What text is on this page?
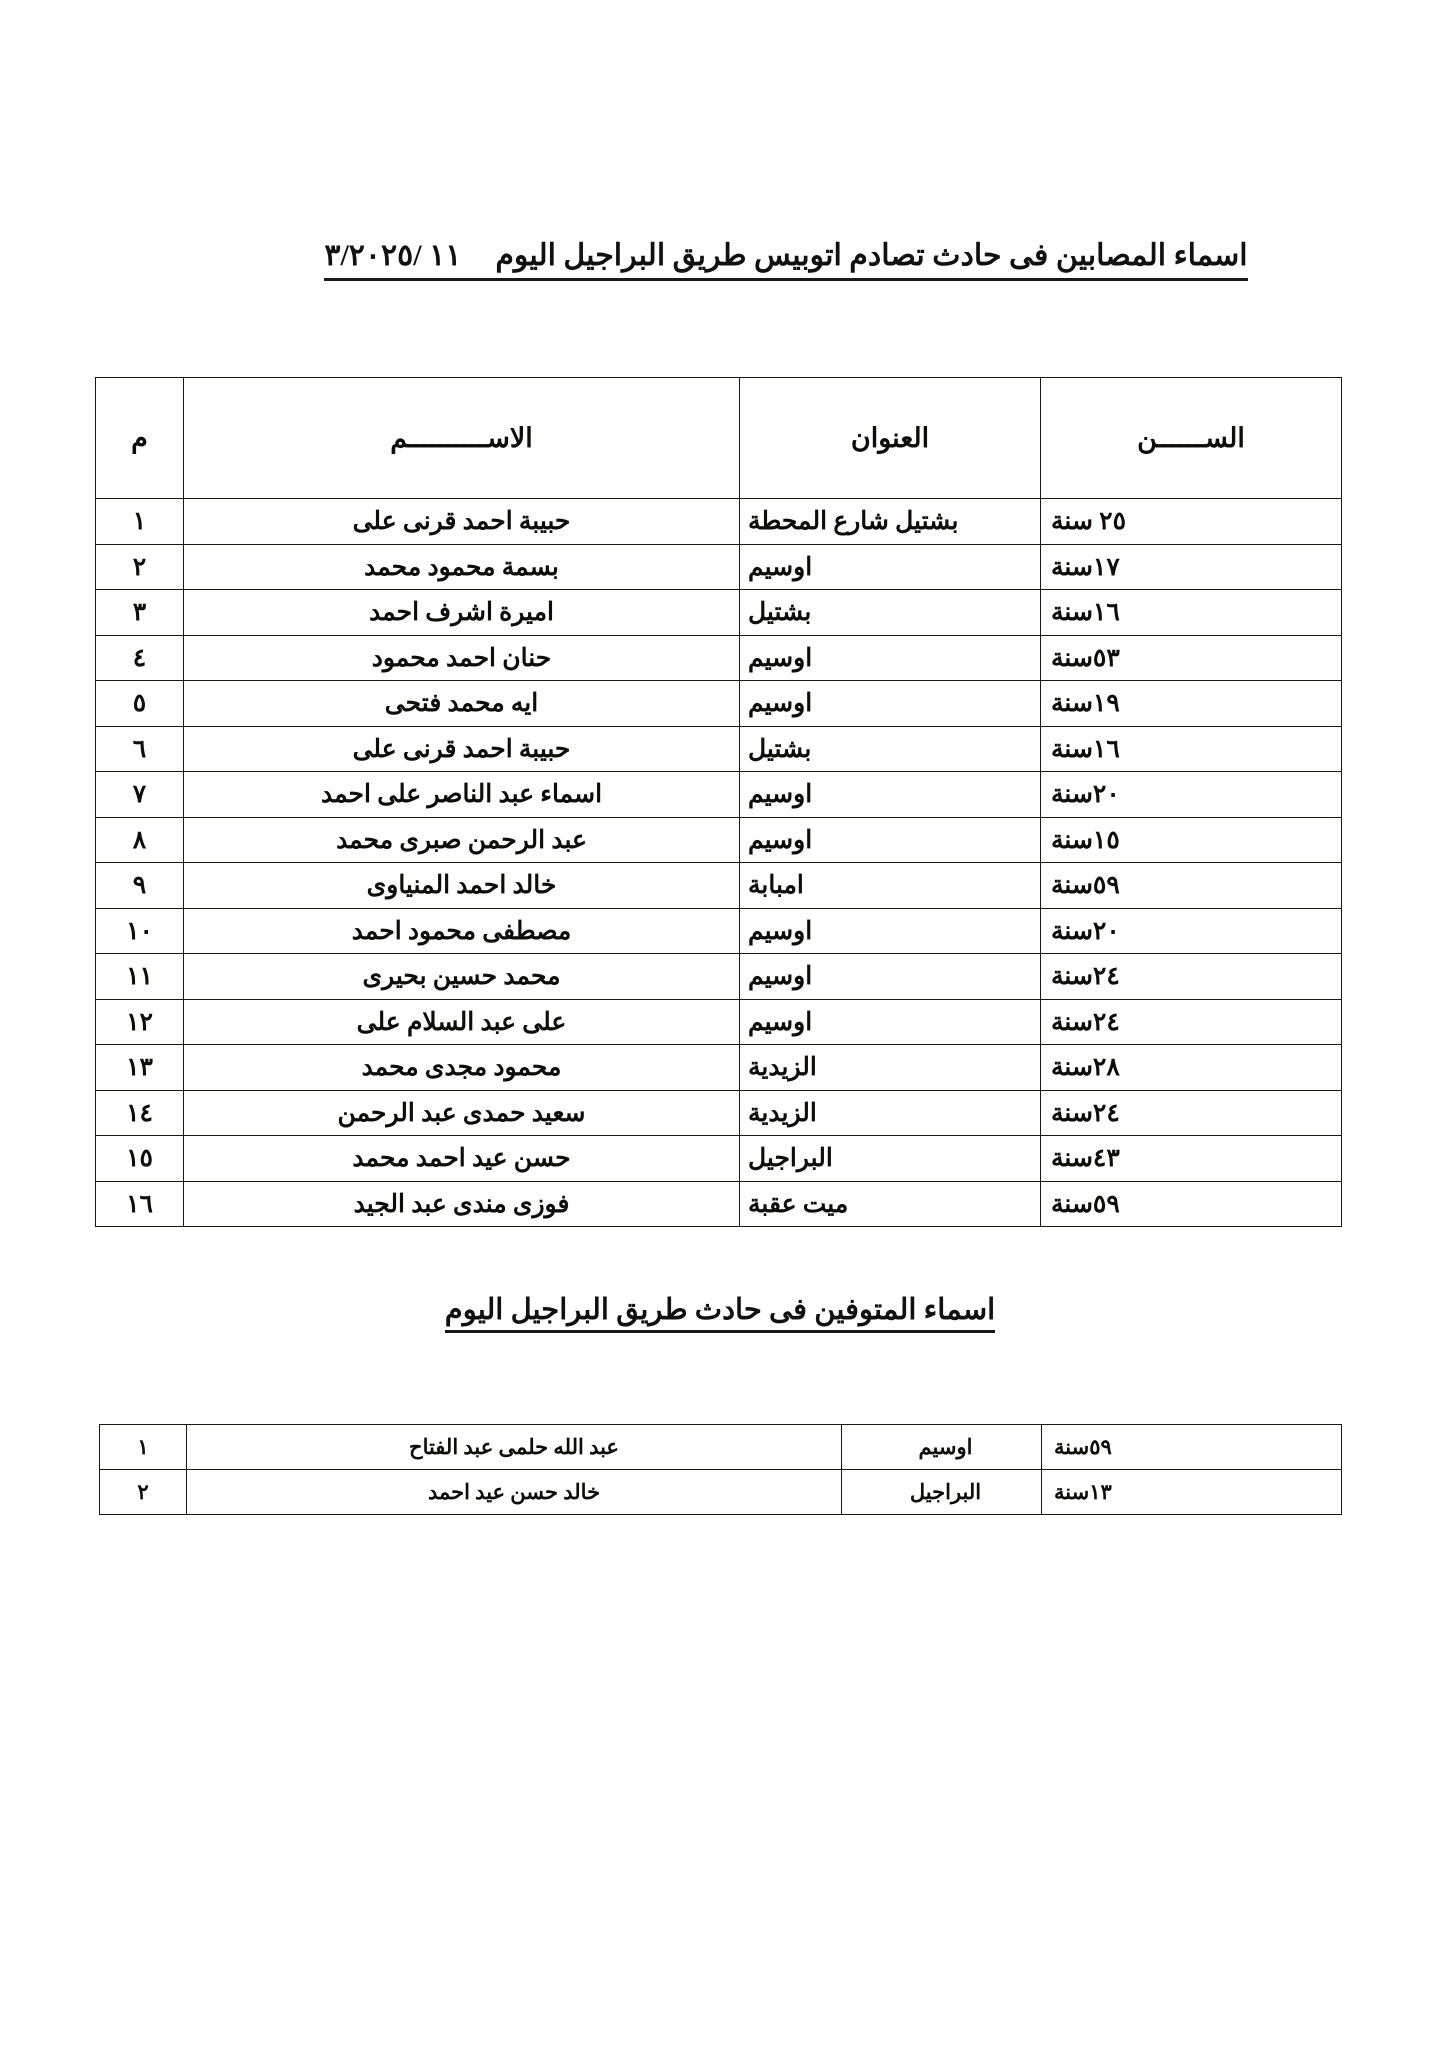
اسماء المصابين فى حادث تصادم اتوبيس طريق البراجيل اليوم١١ /٣/٢٠٢٥
الســــــن	العنوان	الاســــــــــم	م
٢٥ سنة	بشتيل شارع المحطة	حبيبة احمد قرنى على	١
١٧سنة	اوسيم	بسمة محمود محمد	٢
١٦سنة	بشتيل	اميرة اشرف احمد	٣
٥٣سنة	اوسيم	حنان احمد محمود	٤
١٩سنة	اوسيم	ايه محمد فتحى	٥
١٦سنة	بشتيل	حبيبة احمد قرنى على	٦
٢٠سنة	اوسيم	اسماء عبد الناصر على احمد	٧
١٥سنة	اوسيم	عبد الرحمن صبرى محمد	٨
٥٩سنة	امبابة	خالد احمد المنياوى	٩
٢٠سنة	اوسيم	مصطفى محمود احمد	١٠
٢٤سنة	اوسيم	محمد حسين بحيرى	١١
٢٤سنة	اوسيم	على عبد السلام على	١٢
٢٨سنة	الزيدية	محمود مجدى محمد	١٣
٢٤سنة	الزيدية	سعيد حمدى عبد الرحمن	١٤
٤٣سنة	البراجيل	حسن عيد احمد محمد	١٥
٥٩سنة	ميت عقبة	فوزى مندى عبد الجيد	١٦
اسماء المتوفين فى حادث طريق البراجيل اليوم
٥٩سنة	اوسيم	عبد الله حلمى عبد الفتاح	١
١٣سنة	البراجيل	خالد حسن عيد احمد	٢
